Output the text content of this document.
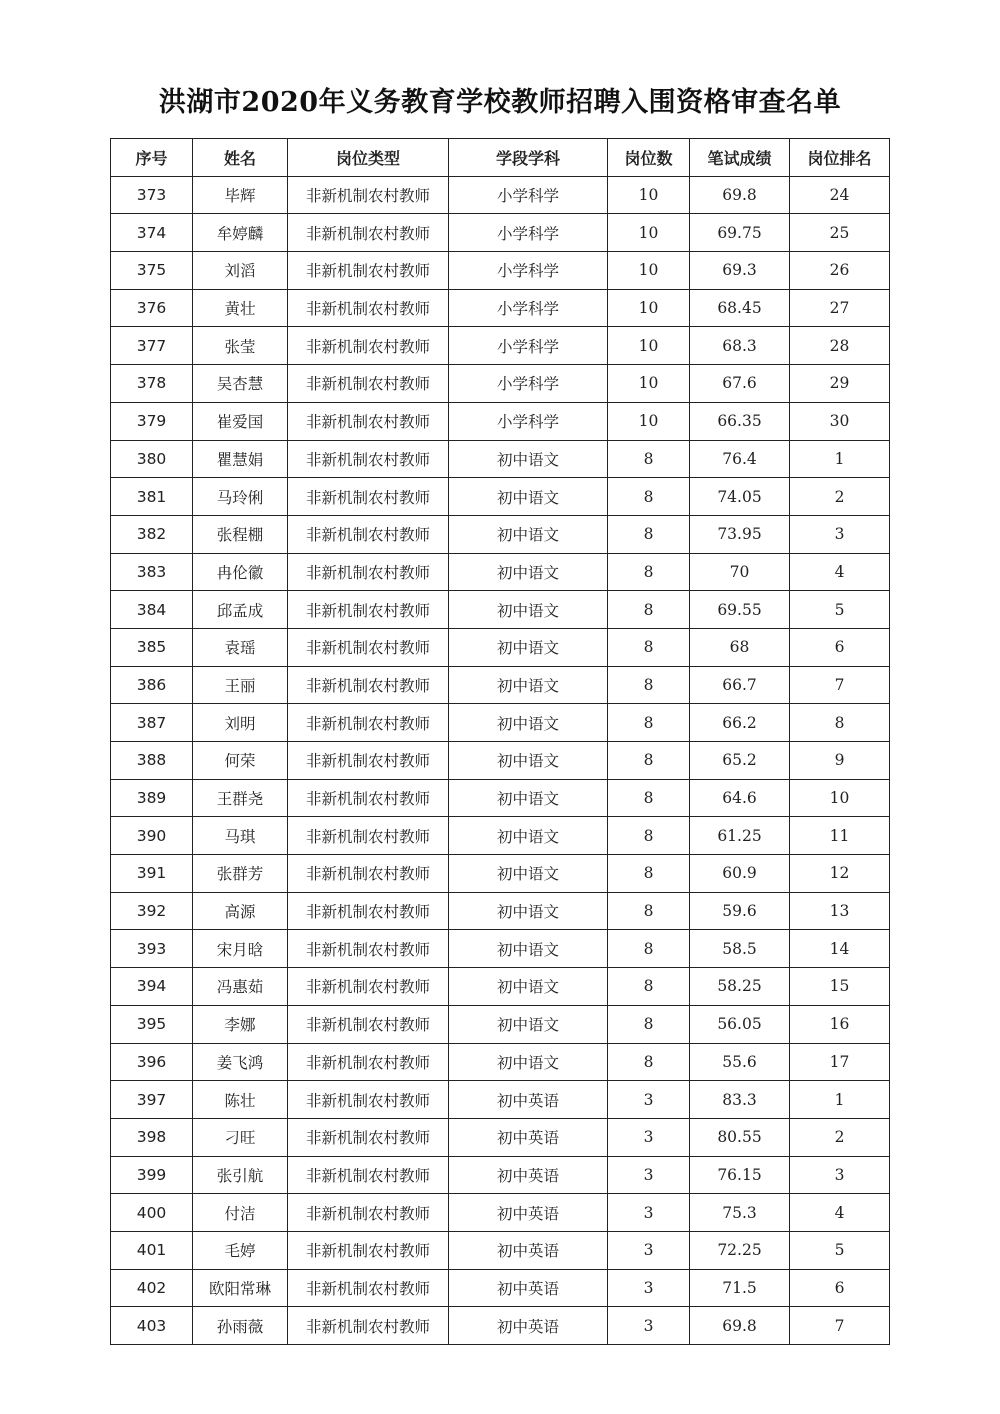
洪湖市2020年义务教育学校教师招聘入围资格审查名单
序号	姓名	岗位类型	学段学科	岗位数	笔试成绩	岗位排名
373	毕辉	非新机制农村教师	小学科学	10	69.8	24
374	牟婷麟	非新机制农村教师	小学科学	10	69.75	25
375	刘滔	非新机制农村教师	小学科学	10	69.3	26
376	黄壮	非新机制农村教师	小学科学	10	68.45	27
377	张莹	非新机制农村教师	小学科学	10	68.3	28
378	吴杏慧	非新机制农村教师	小学科学	10	67.6	29
379	崔爱国	非新机制农村教师	小学科学	10	66.35	30
380	瞿慧娟	非新机制农村教师	初中语文	8	76.4	1
381	马玲俐	非新机制农村教师	初中语文	8	74.05	2
382	张程棚	非新机制农村教师	初中语文	8	73.95	3
383	冉伦徽	非新机制农村教师	初中语文	8	70	4
384	邱孟成	非新机制农村教师	初中语文	8	69.55	5
385	袁瑶	非新机制农村教师	初中语文	8	68	6
386	王丽	非新机制农村教师	初中语文	8	66.7	7
387	刘明	非新机制农村教师	初中语文	8	66.2	8
388	何荣	非新机制农村教师	初中语文	8	65.2	9
389	王群尧	非新机制农村教师	初中语文	8	64.6	10
390	马琪	非新机制农村教师	初中语文	8	61.25	11
391	张群芳	非新机制农村教师	初中语文	8	60.9	12
392	高源	非新机制农村教师	初中语文	8	59.6	13
393	宋月晗	非新机制农村教师	初中语文	8	58.5	14
394	冯惠茹	非新机制农村教师	初中语文	8	58.25	15
395	李娜	非新机制农村教师	初中语文	8	56.05	16
396	姜飞鸿	非新机制农村教师	初中语文	8	55.6	17
397	陈壮	非新机制农村教师	初中英语	3	83.3	1
398	刁旺	非新机制农村教师	初中英语	3	80.55	2
399	张引航	非新机制农村教师	初中英语	3	76.15	3
400	付洁	非新机制农村教师	初中英语	3	75.3	4
401	毛婷	非新机制农村教师	初中英语	3	72.25	5
402	欧阳常琳	非新机制农村教师	初中英语	3	71.5	6
403	孙雨薇	非新机制农村教师	初中英语	3	69.8	7
